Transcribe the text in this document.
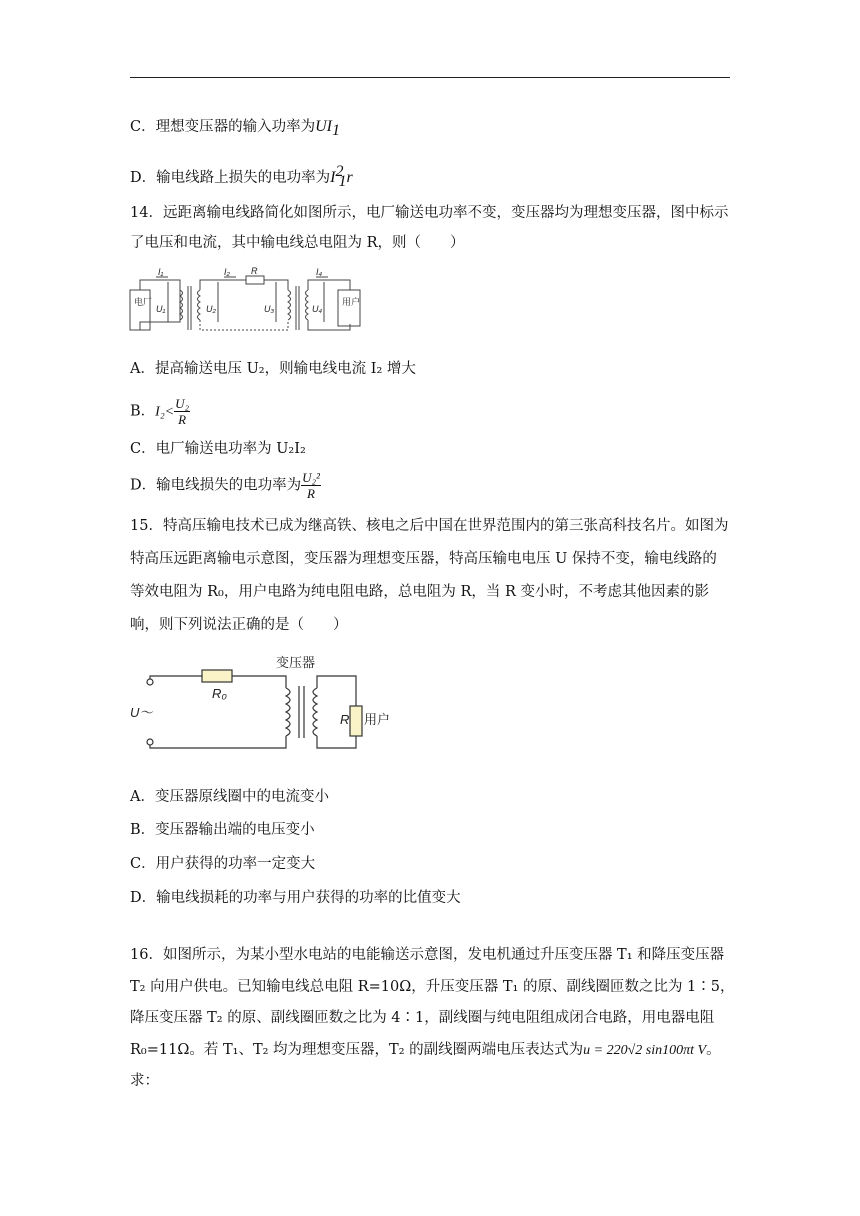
C．理想变压器的输入功率为$UI_1$
D．输电线路上损失的电功率为$I^2_1r$
14．远距离输电线路简化如图所示，电厂输送电功率不变，变压器均为理想变压器，图中标示了电压和电流，其中输电线总电阻为 R，则（　　）
电厂	用户
I₁	I₂ R	I₄
U₁	U₂	U₃	U₄
A．提高输送电压 U₂，则输电线电流 I₂ 增大
B．$I_2< \frac{\text{U₂}}{R}$
C．电厂输送电功率为 U₂I₂
D．输电线损失的电功率为 $\frac{\text{U₂²}}{R}$
15．特高压输电技术已成为继高铁、核电之后中国在世界范围内的第三张高科技名片。如图为特高压远距离输电示意图，变压器为理想变压器，特高压输电电压 U 保持不变，输电线路的等效电阻为 R₀，用户电路为纯电阻电路，总电阻为 R，当 R 变小时，不考虑其他因素的影响，则下列说法正确的是（　　）
变压器
R₀
U～	R 用户
A．变压器原线圈中的电流变小
B．变压器输出端的电压变小
C．用户获得的功率一定变大
D．输电线损耗的功率与用户获得的功率的比值变大
16．如图所示，为某小型水电站的电能输送示意图，发电机通过升压变压器 T₁ 和降压变压器 T₂ 向用户供电。已知输电线总电阻 R=10Ω，升压变压器 T₁ 的原、副线圈匝数之比为 1∶5，降压变压器 T₂ 的原、副线圈匝数之比为 4∶1，副线圈与纯电阻组成闭合电路，用电器电阻 R₀=11Ω。若 T₁、T₂ 均为理想变压器，T₂ 的副线圈两端电压表达式为u = 220√2 sin100πt V。求：
